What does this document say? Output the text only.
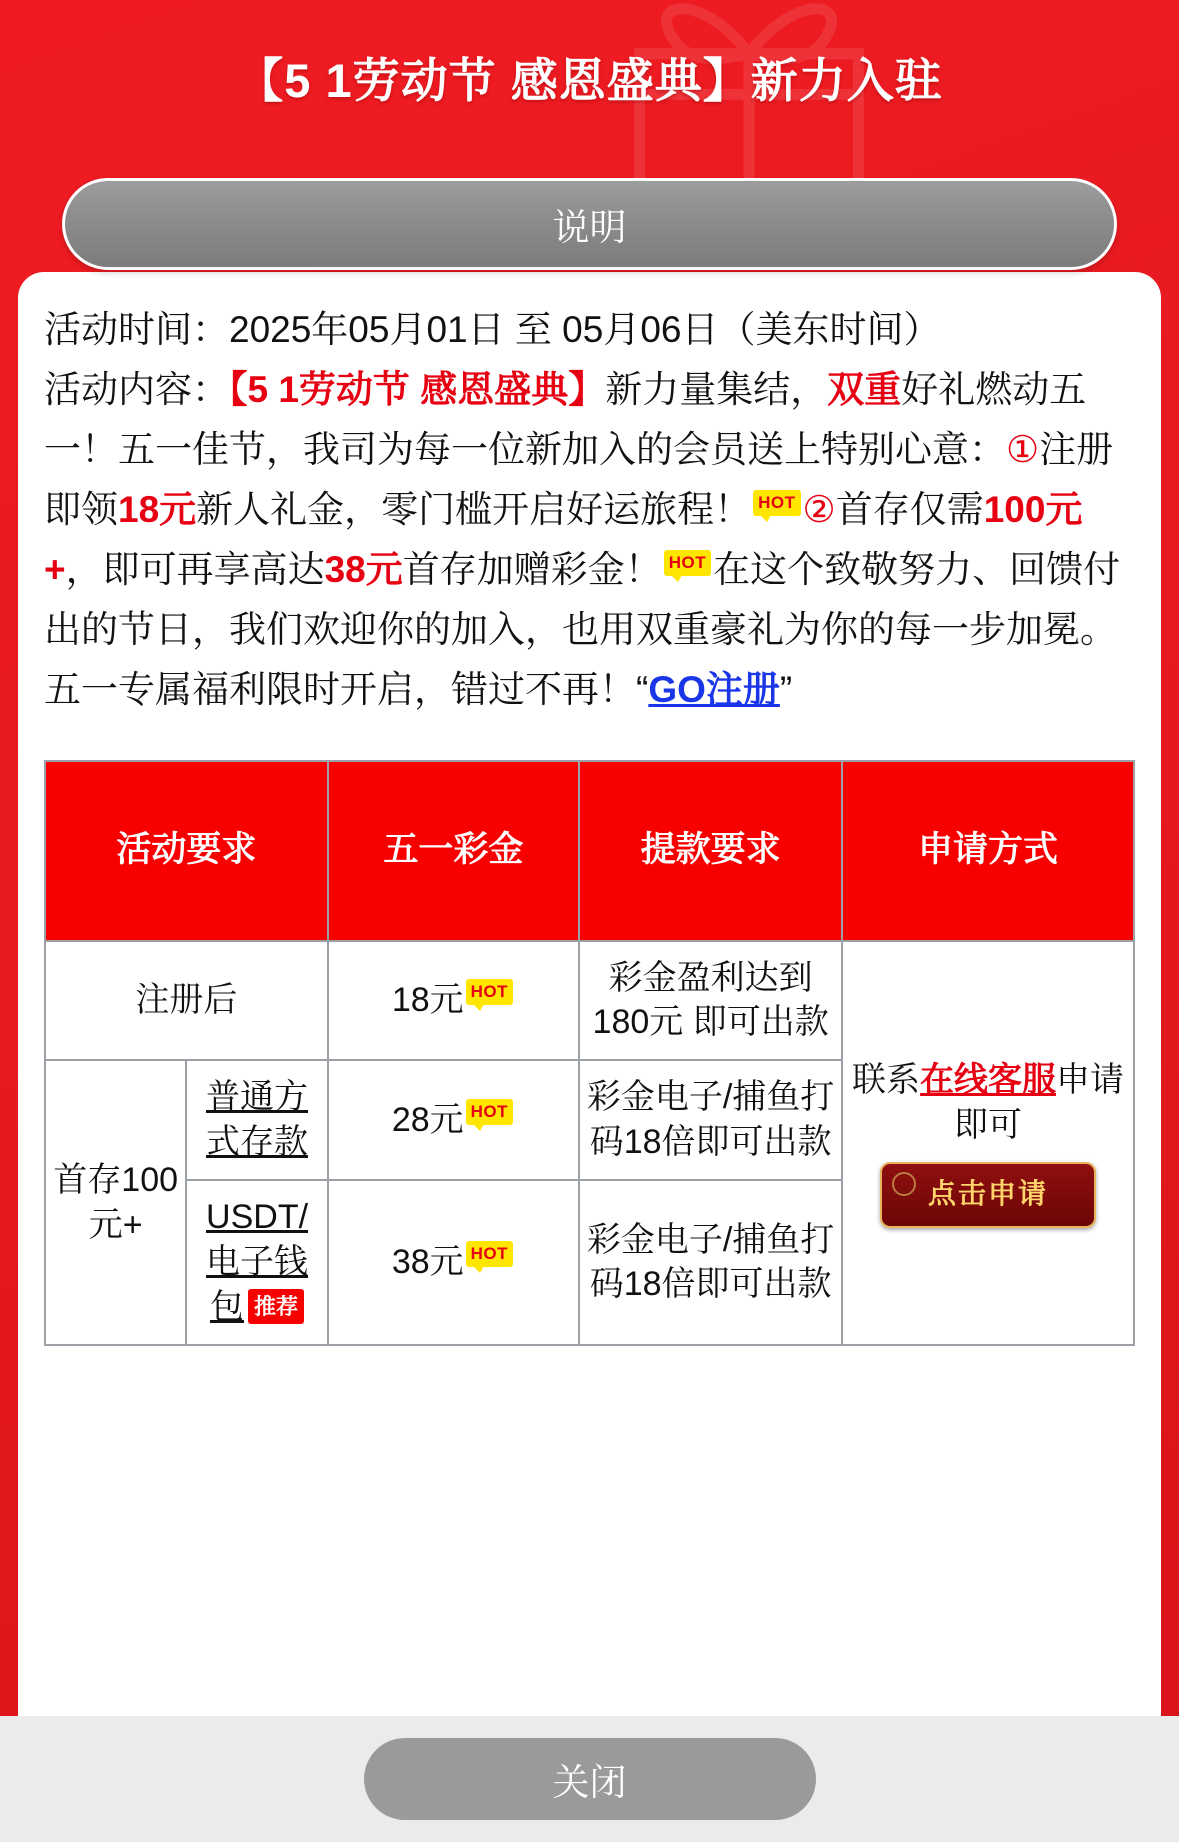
【5 1劳动节 感恩盛典】新力入驻
说明

活动时间：2025年05月01日 至 05月06日（美东时间）
活动内容：【5 1劳动节 感恩盛典】新力量集结，双重好礼燃动五一！五一佳节，我司为每一位新加入的会员送上特别心意：①注册即领18元新人礼金，零门槛开启好运旅程！ HOT ②首存仅需100元+，即可再享高达38元首存加赠彩金！ HOT 在这个致敬努力、回馈付出的节日，我们欢迎你的加入，也用双重豪礼为你的每一步加冕。五一专属福利限时开启，错过不再！“GO注册”

活动要求		五一彩金	提款要求	申请方式
注册后		18元 HOT	彩金盈利达到180元 即可出款	联系在线客服申请即可
点击申请

首存100元+	普通方式存款	28元 HOT	彩金电子/捕鱼打码18倍即可出款	
	USDT/电子钱包 推荐	38元 HOT	彩金电子/捕鱼打码18倍即可出款	
关闭
